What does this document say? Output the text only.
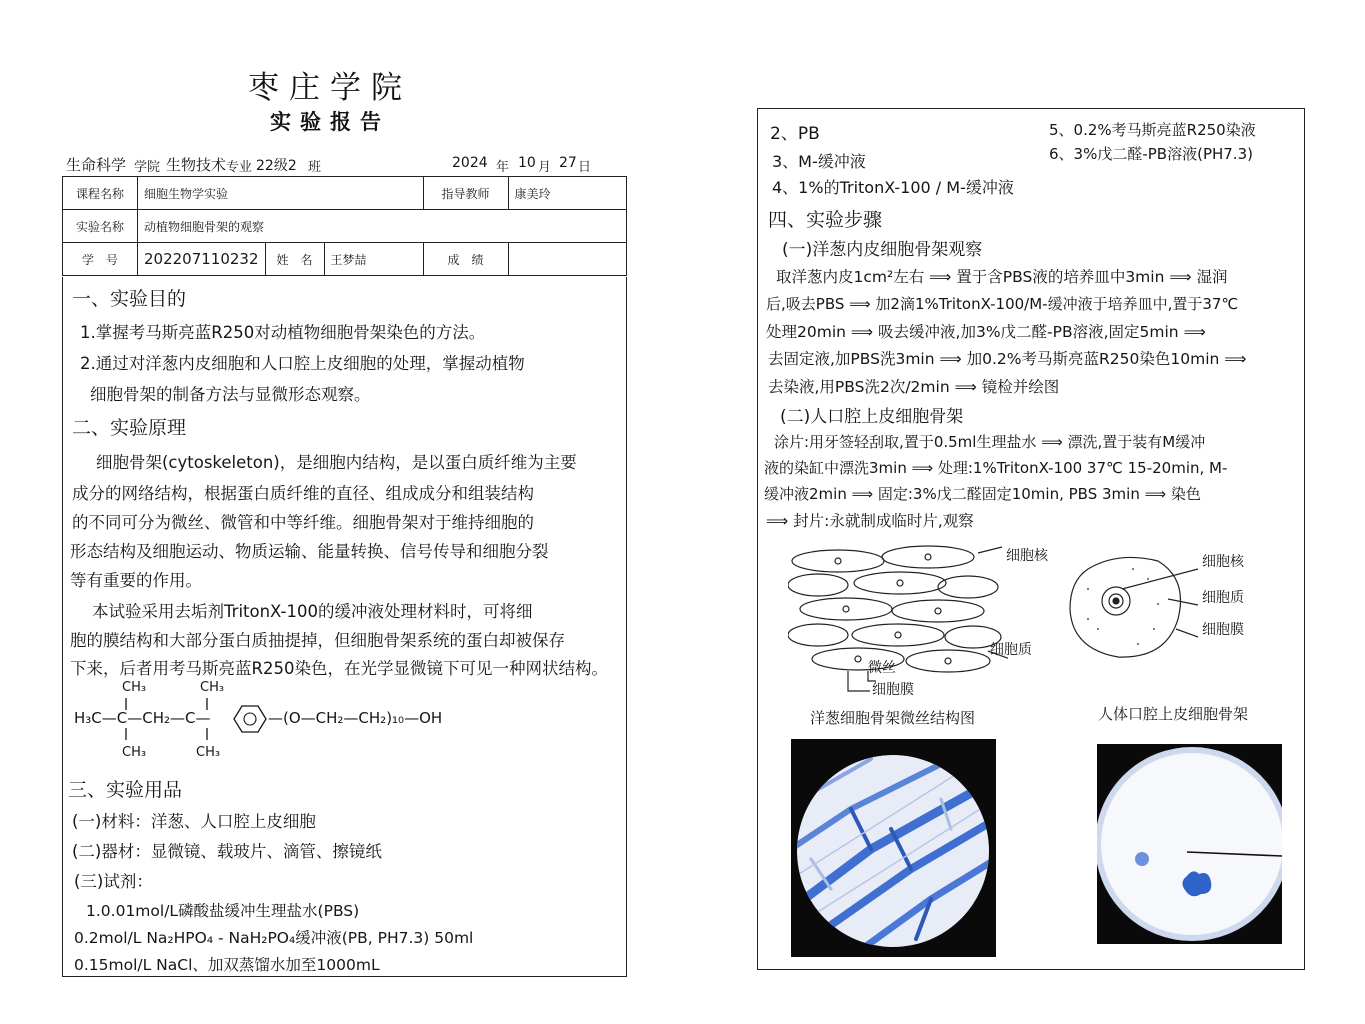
枣庄学院
实验报告
生命科学 学院 生物技术 专业 22级2 班	2024 年 10 月 27 日
课程名称	细胞生物学实验			指导教师	康美玲
实验名称	动植物细胞骨架的观察				
学　号	202207110232	姓　名	王梦喆	成　绩	
一、实验目的
1.掌握考马斯亮蓝R250对动植物细胞骨架染色的方法。
2.通过对洋葱内皮细胞和人口腔上皮细胞的处理，掌握动植物
细胞骨架的制备方法与显微形态观察。
二、实验原理
细胞骨架(cytoskeleton)，是细胞内结构，是以蛋白质纤维为主要
成分的网络结构，根据蛋白质纤维的直径、组成成分和组装结构
的不同可分为微丝、微管和中等纤维。细胞骨架对于维持细胞的
形态结构及细胞运动、物质运输、能量转换、信号传导和细胞分裂
等有重要的作用。
本试验采用去垢剂TritonX-100的缓冲液处理材料时，可将细
胞的膜结构和大部分蛋白质抽提掉，但细胞骨架系统的蛋白却被保存
下来，后者用考马斯亮蓝R250染色，在光学显微镜下可见一种网状结构。
CH₃	CH₃
H₃C—C—CH₂—C—	—(O—CH₂—CH₂)₁₀—OH
CH₃	CH₃
三、实验用品
(一)材料：洋葱、人口腔上皮细胞
(二)器材：显微镜、载玻片、滴管、擦镜纸
(三)试剂：
1.0.01mol/L磷酸盐缓冲生理盐水(PBS)
0.2mol/L Na₂HPO₄ - NaH₂PO₄缓冲液(PB, PH7.3) 50ml
0.15mol/L NaCl、加双蒸馏水加至1000mL
2、PB
3、M-缓冲液
4、1%的TritonX-100 / M-缓冲液
5、0.2%考马斯亮蓝R250染液
6、3%戊二醛-PB溶液(PH7.3)
四、实验步骤
(一)洋葱内皮细胞骨架观察
取洋葱内皮1cm²左右 ⟹ 置于含PBS液的培养皿中3min ⟹ 湿润
后,吸去PBS ⟹ 加2滴1%TritonX-100/M-缓冲液于培养皿中,置于37℃
处理20min ⟹ 吸去缓冲液,加3%戊二醛-PB溶液,固定5min ⟹
去固定液,加PBS洗3min ⟹ 加0.2%考马斯亮蓝R250染色10min ⟹
去染液,用PBS洗2次/2min ⟹ 镜检并绘图
(二)人口腔上皮细胞骨架
涂片:用牙签轻刮取,置于0.5ml生理盐水 ⟹ 漂洗,置于装有M缓冲
液的染缸中漂洗3min ⟹ 处理:1%TritonX-100 37℃ 15-20min, M-
缓冲液2min ⟹ 固定:3%戊二醛固定10min, PBS 3min ⟹ 染色
⟹ 封片:永就制成临时片,观察
细胞核
细胞质
微丝
细胞膜
细胞核
细胞质
细胞膜
洋葱细胞骨架微丝结构图	人体口腔上皮细胞骨架
